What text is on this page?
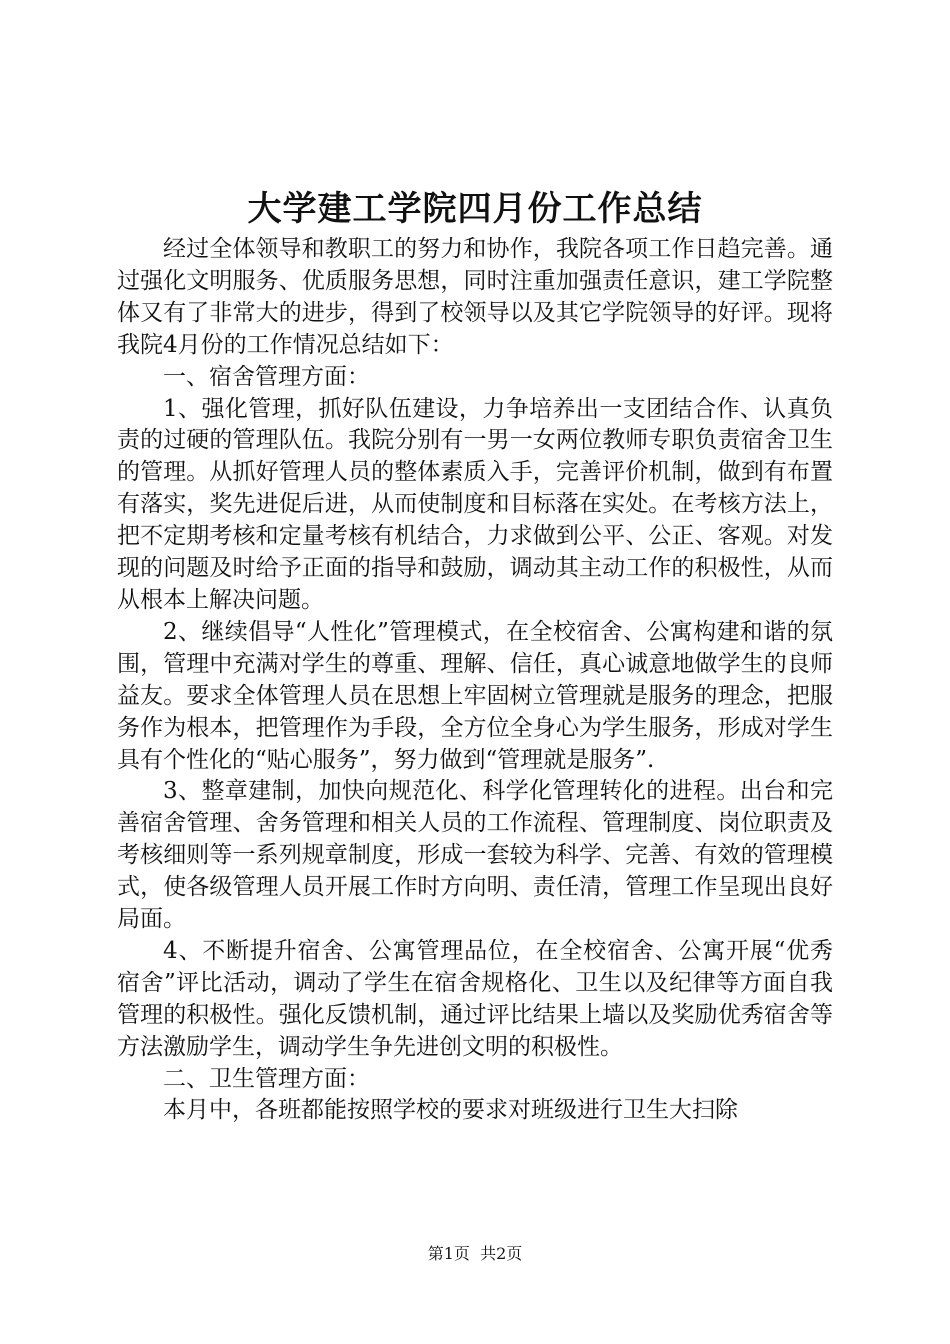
大学建工学院四月份工作总结

经过全体领导和教职工的努力和协作，我院各项工作日趋完善。通过强化文明服务、优质服务思想，同时注重加强责任意识，建工学院整体又有了非常大的进步，得到了校领导以及其它学院领导的好评。现将我院4月份的工作情况总结如下：

一、宿舍管理方面：

1、强化管理，抓好队伍建设，力争培养出一支团结合作、认真负责的过硬的管理队伍。我院分别有一男一女两位教师专职负责宿舍卫生的管理。从抓好管理人员的整体素质入手，完善评价机制，做到有布置有落实，奖先进促后进，从而使制度和目标落在实处。在考核方法上，把不定期考核和定量考核有机结合，力求做到公平、公正、客观。对发现的问题及时给予正面的指导和鼓励，调动其主动工作的积极性，从而从根本上解决问题。

2、继续倡导“人性化”管理模式，在全校宿舍、公寓构建和谐的氛围，管理中充满对学生的尊重、理解、信任，真心诚意地做学生的良师益友。要求全体管理人员在思想上牢固树立管理就是服务的理念，把服务作为根本，把管理作为手段，全方位全身心为学生服务，形成对学生具有个性化的“贴心服务”，努力做到“管理就是服务”.

3、整章建制，加快向规范化、科学化管理转化的进程。出台和完善宿舍管理、舍务管理和相关人员的工作流程、管理制度、岗位职责及考核细则等一系列规章制度，形成一套较为科学、完善、有效的管理模式，使各级管理人员开展工作时方向明、责任清，管理工作呈现出良好局面。

4、不断提升宿舍、公寓管理品位，在全校宿舍、公寓开展“优秀宿舍”评比活动，调动了学生在宿舍规格化、卫生以及纪律等方面自我管理的积极性。强化反馈机制，通过评比结果上墙以及奖励优秀宿舍等方法激励学生，调动学生争先进创文明的积极性。

二、卫生管理方面：

本月中，各班都能按照学校的要求对班级进行卫生大扫除

第1页 共2页
